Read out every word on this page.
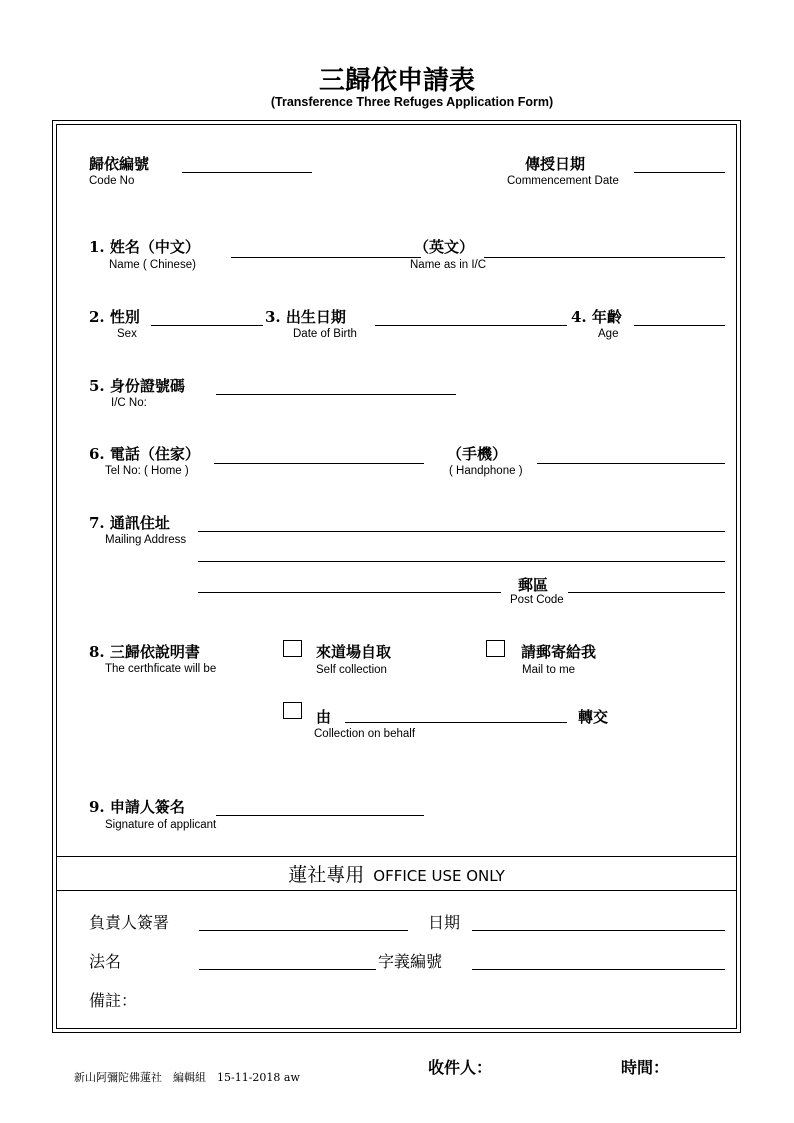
三歸依申請表
(Transference Three Refuges Application Form)
歸依編號
Code No
傳授日期
Commencement Date
1. 姓名（中文）
Name ( Chinese)
（英文）
Name as in I/C
2. 性別
Sex
3. 出生日期
Date of Birth
4. 年齡
Age
5. 身份證號碼
I/C No:
6. 電話（住家）
Tel No: ( Home )
（手機）
( Handphone )
7. 通訊住址
Mailing Address
郵區
Post Code
8. 三歸依說明書
The certhficate will be
來道場自取
Self collection
請郵寄給我
Mail to me
由	轉交
Collection on behalf
9. 申請人簽名
Signature of applicant
蓮社專用 OFFICE USE ONLY
負責人簽署	日期
法名	字義編號
備註：
新山阿彌陀佛蓮社　編輯組　15-11-2018 aw
收件人：	時間：
